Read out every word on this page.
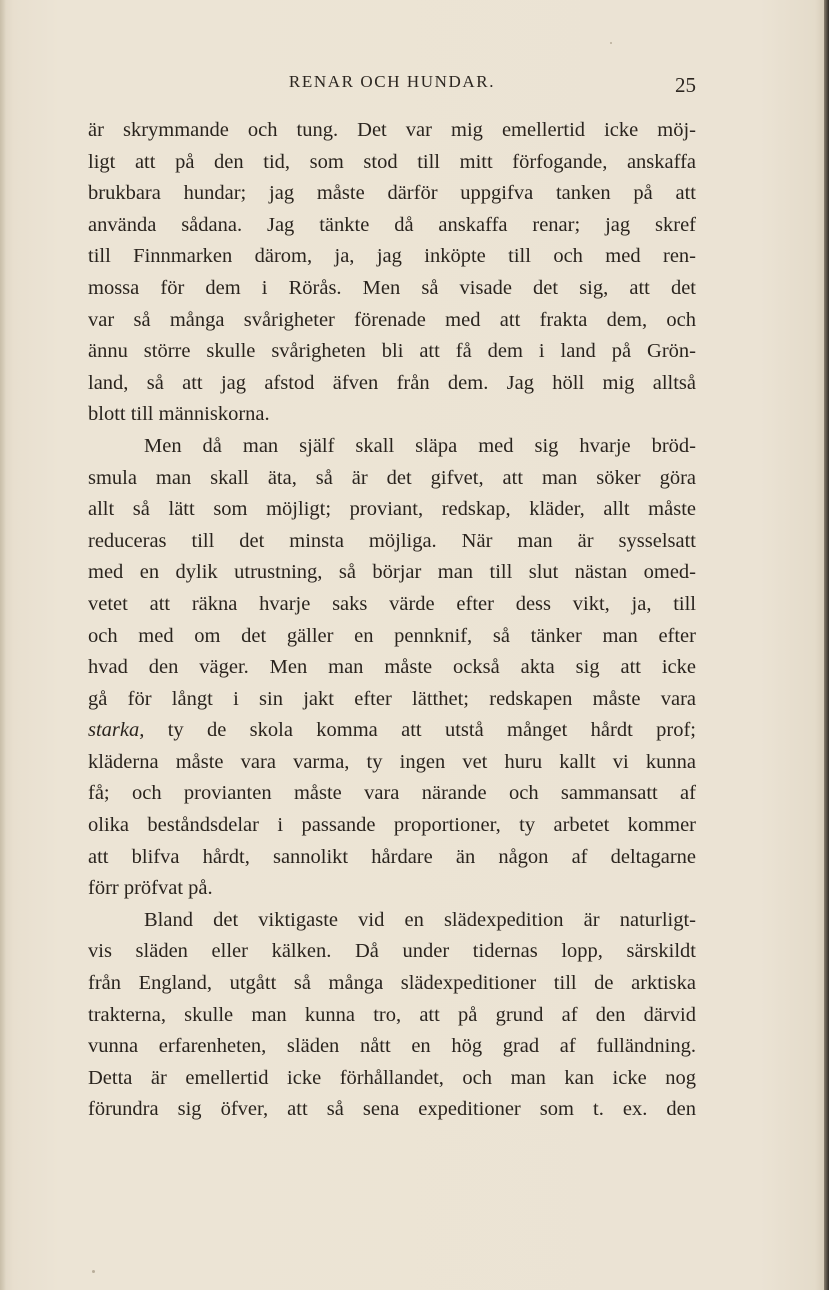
RENAR OCH HUNDAR.	25
är skrymmande och tung. Det var mig emellertid icke möj-
ligt att på den tid, som stod till mitt förfogande, anskaffa
brukbara hundar; jag måste därför uppgifva tanken på att
använda sådana. Jag tänkte då anskaffa renar; jag skref
till Finnmarken därom, ja, jag inköpte till och med ren-
mossa för dem i Rörås. Men så visade det sig, att det
var så många svårigheter förenade med att frakta dem, och
ännu större skulle svårigheten bli att få dem i land på Grön-
land, så att jag afstod äfven från dem. Jag höll mig alltså
blott till människorna.
Men då man själf skall släpa med sig hvarje bröd-
smula man skall äta, så är det gifvet, att man söker göra
allt så lätt som möjligt; proviant, redskap, kläder, allt måste
reduceras till det minsta möjliga. När man är sysselsatt
med en dylik utrustning, så börjar man till slut nästan omed-
vetet att räkna hvarje saks värde efter dess vikt, ja, till
och med om det gäller en pennknif, så tänker man efter
hvad den väger. Men man måste också akta sig att icke
gå för långt i sin jakt efter lätthet; redskapen måste vara
starka, ty de skola komma att utstå månget hårdt prof;
kläderna måste vara varma, ty ingen vet huru kallt vi kunna
få; och provianten måste vara närande och sammansatt af
olika beståndsdelar i passande proportioner, ty arbetet kommer
att blifva hårdt, sannolikt hårdare än någon af deltagarne
förr pröfvat på.
Bland det viktigaste vid en slädexpedition är naturligt-
vis släden eller kälken. Då under tidernas lopp, särskildt
från England, utgått så många slädexpeditioner till de arktiska
trakterna, skulle man kunna tro, att på grund af den därvid
vunna erfarenheten, släden nått en hög grad af fulländning.
Detta är emellertid icke förhållandet, och man kan icke nog
förundra sig öfver, att så sena expeditioner som t. ex. den
